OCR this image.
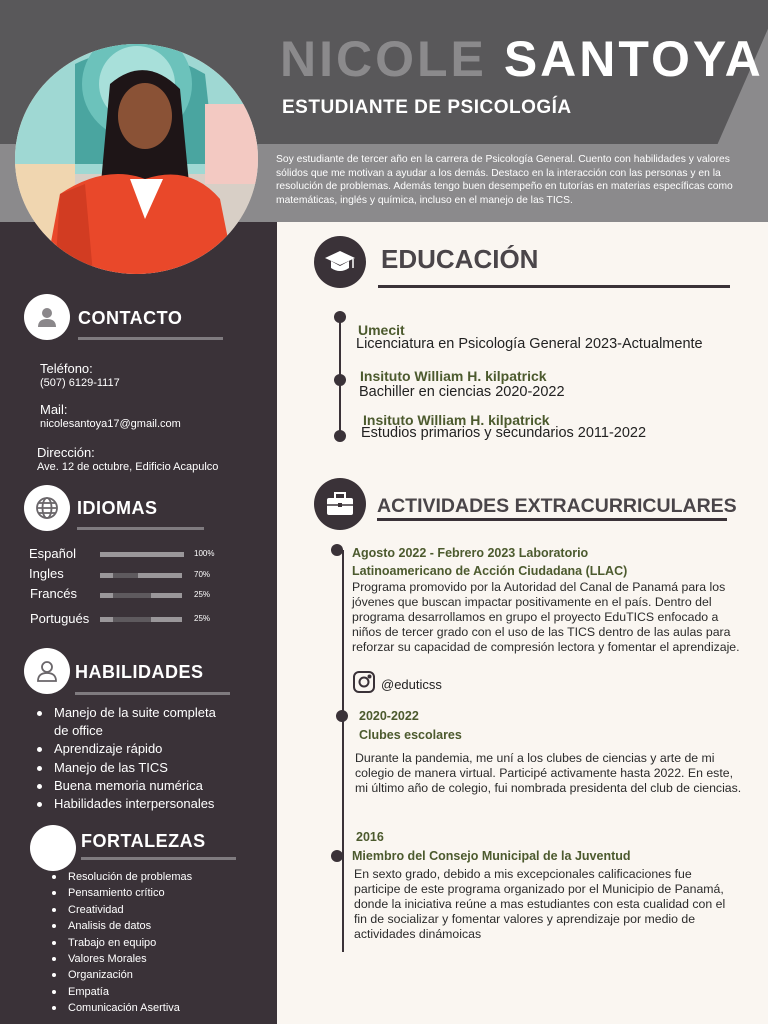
NICOLE SANTOYA
ESTUDIANTE DE PSICOLOGÍA
Soy estudiante de tercer año en la carrera de Psicología General. Cuento con habilidades y valores sólidos que me motivan a ayudar a los demás. Destaco en la interacción con las personas y en la resolución de problemas. Además tengo buen desempeño en tutorías en materias específicas como matemáticas, inglés y química, incluso en el manejo de las TICS.
CONTACTO
Teléfono:
(507) 6129-1117
Mail:
nicolesantoya17@gmail.com
Dirección:
Ave. 12 de octubre, Edificio Acapulco
IDIOMAS
Español	100%
Ingles	70%
Francés	25%
Portugués	25%
HABILIDADES
Manejo de la suite completa
de office
Aprendizaje rápido
Manejo de las TICS
Buena memoria numérica
Habilidades interpersonales
FORTALEZAS
Resolución de problemas
Pensamiento crítico
Creatividad
Analisis de datos
Trabajo en equipo
Valores Morales
Organización
Empatía
Comunicación Asertiva
EDUCACIÓN
Umecit
Licenciatura en Psicología General 2023-Actualmente
Insituto William H. kilpatrick
Bachiller en ciencias 2020-2022
Insituto William H. kilpatrick
Estudios primarios y secundarios 2011-2022
ACTIVIDADES EXTRACURRICULARES
Agosto 2022 - Febrero 2023 Laboratorio
Latinoamericano de Acción Ciudadana (LLAC)
Programa promovido por la Autoridad del Canal de Panamá para los jóvenes que buscan impactar positivamente en el país. Dentro del programa desarrollamos en grupo el proyecto EduTICS enfocado a niños de tercer grado con el uso de las TICS dentro de las aulas para reforzar su capacidad de compresión lectora y fomentar el aprendizaje.
@eduticss
2020-2022
Clubes escolares
Durante la pandemia, me uní a los clubes de ciencias y arte de mi colegio de manera virtual. Participé activamente hasta 2022. En este, mi último año de colegio, fui nombrada presidenta del club de ciencias.
2016
Miembro del Consejo Municipal de la Juventud
En sexto grado, debido a mis excepcionales calificaciones fue participe de este programa organizado por el Municipio de Panamá, donde la iniciativa reúne a mas estudiantes con esta cualidad con el fin de socializar y fomentar valores y aprendizaje por medio de actividades dinámoicas
